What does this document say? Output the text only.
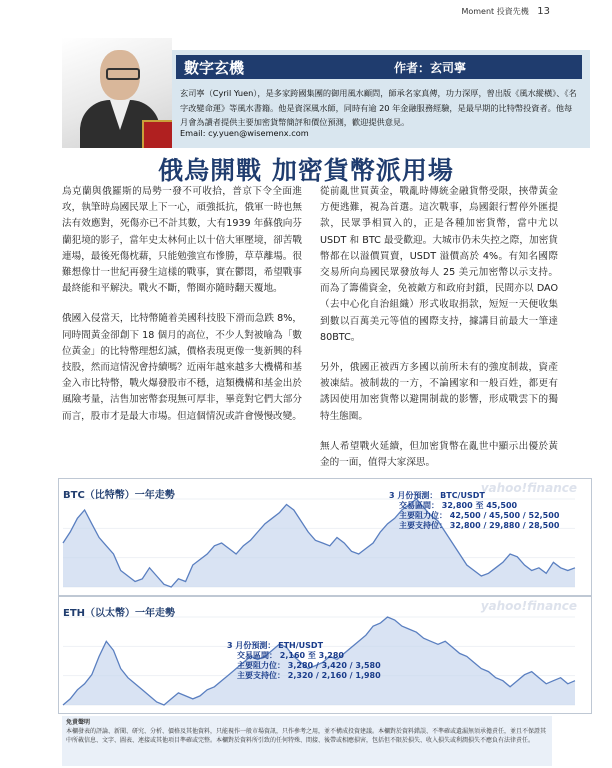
Moment 投資先機 13
數字玄機	作者：玄司寧
玄司寧（Cyril Yuen），是多家跨國集團的御用風水顧問，師承名家真傳，功力深厚，曾出版《風水縱橫》、《名字改變命運》等風水書籍。他是資深風水師，同時有逾 20 年金融服務經驗，是最早期的比特幣投資者。他每月會為讀者提供主要加密貨幣簡評和價位預測，歡迎提供意見。
Email: cy.yuen@wisemenx.com
俄烏開戰 加密貨幣派用場

烏克蘭與俄羅斯的局勢一發不可收拾，普京下令全面進攻，執筆時烏國民眾上下一心，頑強抵抗，俄軍一時也無法有效應對，死傷亦已不計其數，大有1939 年蘇俄向芬蘭犯境的影子，當年史太林何止以十倍大軍壓境，卻苦戰連場，最後死傷枕藉，只能勉強宣布慘勝，草草離場。很難想像廿一世紀再發生這樣的戰事，實在鬱悶，希望戰事最終能和平解決。戰火不斷，幣圈亦隨時翻天覆地。

俄國入侵當天，比特幣隨着美國科技股下滑而急跌 8%，同時間黃金卻創下 18 個月的高位，不少人對被喻為「數位黃金」的比特幣理想幻滅，價格表現更像一隻新興的科技股，然而這情況會持續嗎？近兩年越來越多大機構和基金入市比特幣，戰火爆發股市不穩，這類機構和基金出於風險考量，沽售加密幣套現無可厚非，畢竟對它們大部分而言，股市才是最大市場。但這個情況或許會慢慢改變。

從前亂世買黃金，戰亂時傳統金融貨幣受限，挾帶黃金方便逃難，視為首選。這次戰事，烏國銀行暫停外匯提款，民眾爭相買入的，正是各種加密貨幣，當中尤以 USDT 和 BTC 最受歡迎。大城市仍未失控之際，加密貨幣都在以溢價買賣，USDT 溢價高於 4%。有知名國際交易所向烏國民眾發放每人 25 美元加密幣以示支持。而為了籌備資金，免被敵方和政府封鎖，民間亦以 DAO（去中心化自治組織）形式收取捐款，短短一天便收集到數以百萬美元等值的國際支持，據講目前最大一筆達 80BTC。

另外，俄國正被西方多國以前所未有的強度制裁，資產被凍結。被制裁的一方，不論國家和一般百姓，都更有誘因使用加密貨幣以避開制裁的影響，形成戰雲下的獨特生態圈。

無人希望戰火延續，但加密貨幣在亂世中顯示出優於黃金的一面，值得大家深思。

yahoo!finance
BTC（比特幣）一年走勢	3 月份預測： BTC/USDT
交易區間： 32,800 至 45,500
主要阻力位： 42,500 / 45,500 / 52,500
主要支持位： 32,800 / 29,880 / 28,500
yahoo!finance
ETH（以太幣）一年走勢
3 月份預測： ETH/USDT
交易區間： 2,160 至 3,280
主要阻力位： 3,280 / 3,420 / 3,580
主要支持位： 2,320 / 2,160 / 1,980
免責聲明
本欄發表的評論、新聞、研究、分析、價格及其他資料，只能視作一般市場資訊，只作參考之用，並不構成投資建議。本欄對於資料錯誤、不準確或遺漏無須承擔責任，並且不保證其中所載信息、文字、圖表、連接或其他項目準確或完整。本欄對於資料所引致的任何特殊、間接、後帶或相應損害，包括但不限於損失、收入損失或利潤損失不應負有法律責任。
